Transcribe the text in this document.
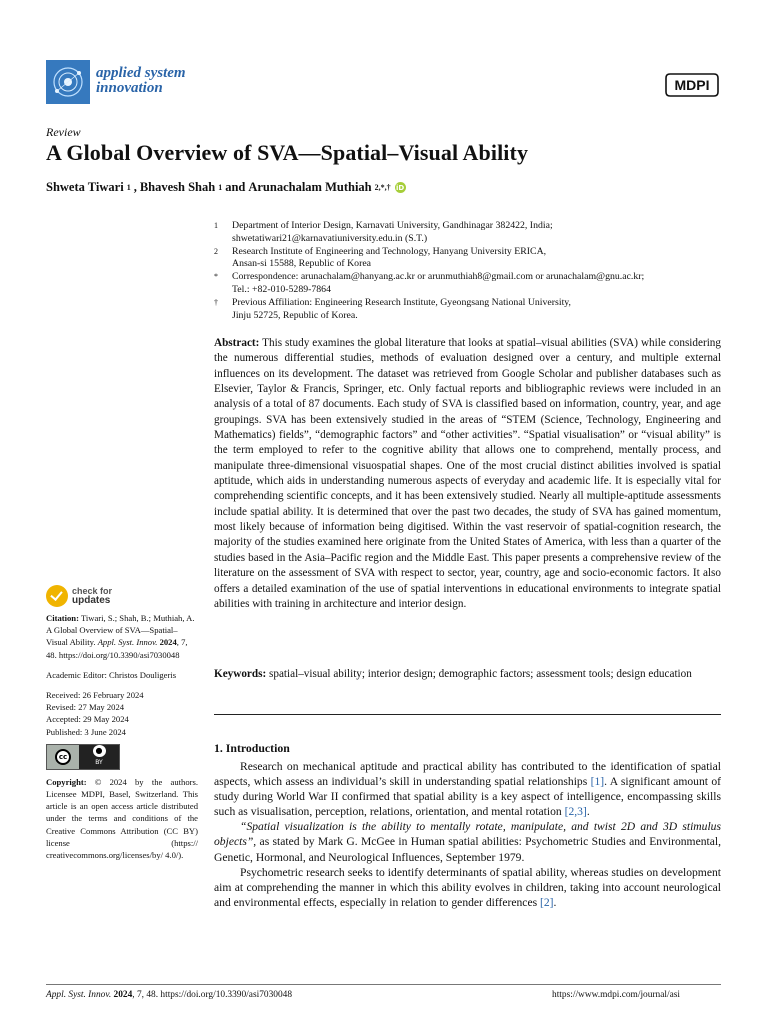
applied system
innovation	MDPI
Review
A Global Overview of SVA—Spatial–Visual Ability
Shweta Tiwari 1 , Bhavesh Shah 1 and Arunachalam Muthiah 2,*,† iD
1	Department of Interior Design, Karnavati University, Gandhinagar 382422, India;
shwetatiwari21@karnavatiuniversity.edu.in (S.T.)
2	Research Institute of Engineering and Technology, Hanyang University ERICA,
Ansan-si 15588, Republic of Korea
*	Correspondence: arunachalam@hanyang.ac.kr or arunmuthiah8@gmail.com or arunachalam@gnu.ac.kr;
Tel.: +82-010-5289-7864
†	Previous Affiliation: Engineering Research Institute, Gyeongsang National University,
Jinju 52725, Republic of Korea.
Abstract: This study examines the global literature that looks at spatial–visual abilities (SVA) while considering the numerous differential studies, methods of evaluation designed over a century, and multiple external influences on its development. The dataset was retrieved from Google Scholar and publisher databases such as Elsevier, Taylor & Francis, Springer, etc. Only factual reports and bibliographic reviews were included in an analysis of a total of 87 documents. Each study of SVA is classified based on information, country, year, and age groupings. SVA has been extensively studied in the areas of “STEM (Science, Technology, Engineering and Mathematics) fields”, “demographic factors” and “other activities”. “Spatial visualisation” or “visual ability” is the term employed to refer to the cognitive ability that allows one to comprehend, mentally process, and manipulate three-dimensional visuospatial shapes. One of the most crucial distinct abilities involved is spatial aptitude, which aids in understanding numerous aspects of everyday and academic life. It is especially vital for comprehending scientific concepts, and it has been extensively studied. Nearly all multiple-aptitude assessments include spatial ability. It is determined that over the past two decades, the study of SVA has gained momentum, most likely because of information being digitised. Within the vast reservoir of spatial-cognition research, the majority of the studies examined here originate from the United States of America, with less than a quarter of the studies based in the Asia–Pacific region and the Middle East. This paper presents a comprehensive review of the literature on the assessment of SVA with respect to sector, year, country, age and socio-economic factors. It also offers a detailed examination of the use of spatial interventions in educational environments to integrate spatial abilities with training in architecture and interior design.
Keywords: spatial–visual ability; interior design; demographic factors; assessment tools; design education
1. Introduction

Research on mechanical aptitude and practical ability has contributed to the identification of spatial aspects, which assess an individual’s skill in understanding spatial relationships [1]. A significant amount of study during World War II confirmed that spatial ability is a key aspect of intelligence, encompassing skills such as visualisation, perception, relations, orientation, and mental rotation [2,3].

“Spatial visualization is the ability to mentally rotate, manipulate, and twist 2D and 3D stimulus objects”, as stated by Mark G. McGee in Human spatial abilities: Psychometric Studies and Environmental, Genetic, Hormonal, and Neurological Influences, September 1979.

Psychometric research seeks to identify determinants of spatial ability, whereas studies on development aim at comprehending the manner in which this ability evolves in children, taking into account neurological and environmental effects, especially in relation to gender differences [2].

check for
updates

Citation: Tiwari, S.; Shah, B.; Muthiah, A. A Global Overview of SVA—Spatial–Visual Ability. Appl. Syst. Innov. 2024, 7, 48. https://doi.org/10.3390/asi7030048

Academic Editor: Christos Douligeris

Received: 26 February 2024
Revised: 27 May 2024
Accepted: 29 May 2024
Published: 3 June 2024

cc
●
BY

Copyright: © 2024 by the authors. Licensee MDPI, Basel, Switzerland. This article is an open access article distributed under the terms and conditions of the Creative Commons Attribution (CC BY) license (https:// creativecommons.org/licenses/by/ 4.0/).

Appl. Syst. Innov. 2024, 7, 48. https://doi.org/10.3390/asi7030048	https://www.mdpi.com/journal/asi
